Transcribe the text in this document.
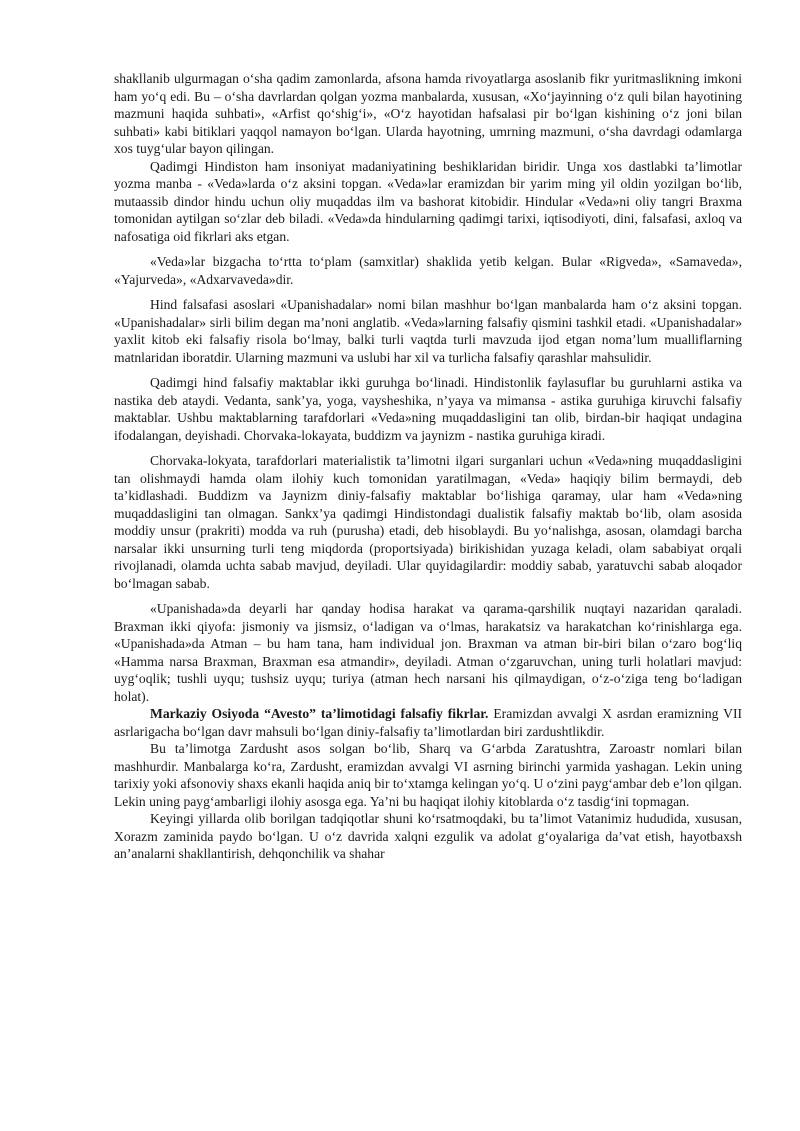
shakllanib ulgurmagan o‘sha qadim zamonlarda, afsona hamda rivoyatlarga asoslanib fikr yuritmaslikning imkoni ham yo‘q edi. Bu – o‘sha davrlardan qolgan yozma manbalarda, xususan, «Xo‘jayinning o‘z quli bilan hayotining mazmuni haqida suhbati», «Arfist qo‘shig‘i», «O‘z hayotidan hafsalasi pir bo‘lgan kishining o‘z joni bilan suhbati» kabi bitiklari yaqqol namayon bo‘lgan. Ularda hayotning, umrning mazmuni, o‘sha davrdagi odamlarga xos tuyg‘ular bayon qilingan.

Qadimgi Hindiston ham insoniyat madaniyatining beshiklaridan biridir. Unga xos dastlabki ta’limotlar yozma manba - «Veda»larda o‘z aksini topgan. «Veda»lar eramizdan bir yarim ming yil oldin yozilgan bo‘lib, mutaassib dindor hindu uchun oliy muqaddas ilm va bashorat kitobidir. Hindular «Veda»ni oliy tangri Braxma tomonidan aytilgan so‘zlar deb biladi. «Veda»da hindularning qadimgi tarixi, iqtisodiyoti, dini, falsafasi, axloq va nafosatiga oid fikrlari aks etgan.

«Veda»lar bizgacha to‘rtta to‘plam (samxitlar) shaklida yetib kelgan. Bular «Rigveda», «Samaveda», «Yajurveda», «Adxarvaveda»dir.

Hind falsafasi asoslari «Upanishadalar» nomi bilan mashhur bo‘lgan manbalarda ham o‘z aksini topgan. «Upanishadalar» sirli bilim degan ma’noni anglatib. «Veda»larning falsafiy qismini tashkil etadi. «Upanishadalar» yaxlit kitob eki falsafiy risola bo‘lmay, balki turli vaqtda turli mavzuda ijod etgan noma’lum mualliflarning matnlaridan iboratdir. Ularning mazmuni va uslubi har xil va turlicha falsafiy qarashlar mahsulidir.

Qadimgi hind falsafiy maktablar ikki guruhga bo‘linadi. Hindistonlik faylasuflar bu guruhlarni astika va nastika deb ataydi. Vedanta, sank’ya, yoga, vaysheshika, n’yaya va mimansa - astika guruhiga kiruvchi falsafiy maktablar. Ushbu maktablarning tarafdorlari «Veda»ning muqaddasligini tan olib, birdan-bir haqiqat undagina ifodalangan, deyishadi. Chorvaka-lokayata, buddizm va jaynizm - nastika guruhiga kiradi.

Chorvaka-lokyata, tarafdorlari materialistik ta’limotni ilgari surganlari uchun «Veda»ning muqaddasligini tan olishmaydi hamda olam ilohiy kuch tomonidan yaratilmagan, «Veda» haqiqiy bilim bermaydi, deb ta’kidlashadi. Buddizm va Jaynizm diniy-falsafiy maktablar bo‘lishiga qaramay, ular ham «Veda»ning muqaddasligini tan olmagan. Sankx’ya qadimgi Hindistondagi dualistik falsafiy maktab bo‘lib, olam asosida moddiy unsur (prakriti) modda va ruh (purusha) etadi, deb hisoblaydi. Bu yo‘nalishga, asosan, olamdagi barcha narsalar ikki unsurning turli teng miqdorda (proportsiyada) birikishidan yuzaga keladi, olam sababiyat orqali rivojlanadi, olamda uchta sabab mavjud, deyiladi. Ular quyidagilardir: moddiy sabab, yaratuvchi sabab aloqador bo‘lmagan sabab.

«Upanishada»da deyarli har qanday hodisa harakat va qarama-qarshilik nuqtayi nazaridan qaraladi. Braxman ikki qiyofa: jismoniy va jismsiz, o‘ladigan va o‘lmas, harakatsiz va harakatchan ko‘rinishlarga ega. «Upanishada»da Atman – bu ham tana, ham individual jon. Braxman va atman bir-biri bilan o‘zaro bog‘liq «Hamma narsa Braxman, Braxman esa atmandir», deyiladi. Atman o‘zgaruvchan, uning turli holatlari mavjud: uyg‘oqlik; tushli uyqu; tushsiz uyqu; turiya (atman hech narsani his qilmaydigan, o‘z-o‘ziga teng bo‘ladigan holat).

Markaziy Osiyoda “Avesto” ta’limotidagi falsafiy fikrlar. Eramizdan avvalgi X asrdan eramizning VII asrlarigacha bo‘lgan davr mahsuli bo‘lgan diniy-falsafiy ta’limotlardan biri zardushtlikdir.

Bu ta’limotga Zardusht asos solgan bo‘lib, Sharq va G‘arbda Zaratushtra, Zaroastr nomlari bilan mashhurdir. Manbalarga ko‘ra, Zardusht, eramizdan avvalgi VI asrning birinchi yarmida yashagan. Lekin uning tarixiy yoki afsonoviy shaxs ekanli haqida aniq bir to‘xtamga kelingan yo‘q. U o‘zini payg‘ambar deb e’lon qilgan. Lekin uning payg‘ambarligi ilohiy asosga ega. Ya’ni bu haqiqat ilohiy kitoblarda o‘z tasdig‘ini topmagan.

Keyingi yillarda olib borilgan tadqiqotlar shuni ko‘rsatmoqdaki, bu ta’limot Vatanimiz hududida, xususan, Xorazm zaminida paydo bo‘lgan. U o‘z davrida xalqni ezgulik va adolat g‘oyalariga da’vat etish, hayotbaxsh an’analarni shakllantirish, dehqonchilik va shahar
